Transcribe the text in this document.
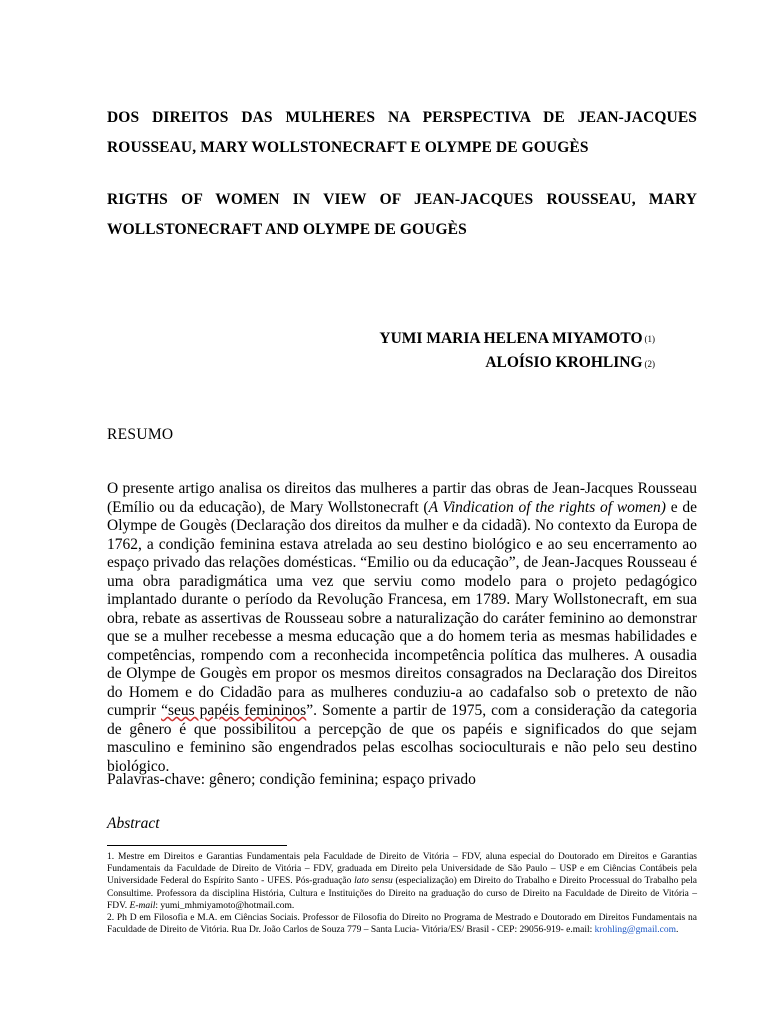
DOS DIREITOS DAS MULHERES NA PERSPECTIVA DE JEAN-JACQUES

ROUSSEAU, MARY WOLLSTONECRAFT E OLYMPE DE GOUGÈS
RIGTHS OF WOMEN IN VIEW OF JEAN-JACQUES ROUSSEAU, MARY

WOLLSTONECRAFT AND OLYMPE DE GOUGÈS
YUMI MARIA HELENA MIYAMOTO (1)
ALOÍSIO KROHLING (2)
RESUMO
O presente artigo analisa os direitos das mulheres a partir das obras de Jean-Jacques Rousseau (Emílio ou da educação), de Mary Wollstonecraft (A Vindication of the rights of women) e de Olympe de Gougès (Declaração dos direitos da mulher e da cidadã). No contexto da Europa de 1762, a condição feminina estava atrelada ao seu destino biológico e ao seu encerramento ao espaço privado das relações domésticas. “Emilio ou da educação”, de Jean-Jacques Rousseau é uma obra paradigmática uma vez que serviu como modelo para o projeto pedagógico implantado durante o período da Revolução Francesa, em 1789. Mary Wollstonecraft, em sua obra, rebate as assertivas de Rousseau sobre a naturalização do caráter feminino ao demonstrar que se a mulher recebesse a mesma educação que a do homem teria as mesmas habilidades e competências, rompendo com a reconhecida incompetência política das mulheres. A ousadia de Olympe de Gougès em propor os mesmos direitos consagrados na Declaração dos Direitos do Homem e do Cidadão para as mulheres conduziu-a ao cadafalso sob o pretexto de não cumprir “seus papéis femininos”. Somente a partir de 1975, com a consideração da categoria de gênero é que possibilitou a percepção de que os papéis e significados do que sejam masculino e feminino são engendrados pelas escolhas socioculturais e não pelo seu destino biológico.
Palavras-chave: gênero; condição feminina; espaço privado
Abstract

1. Mestre em Direitos e Garantias Fundamentais pela Faculdade de Direito de Vitória – FDV, aluna especial do Doutorado em Direitos e Garantias Fundamentais da Faculdade de Direito de Vitória – FDV, graduada em Direito pela Universidade de São Paulo – USP e em Ciências Contábeis pela Universidade Federal do Espírito Santo - UFES. Pós-graduação lato sensu (especialização) em Direito do Trabalho e Direito Processual do Trabalho pela Consultime. Professora da disciplina História, Cultura e Instituições do Direito na graduação do curso de Direito na Faculdade de Direito de Vitória – FDV. E-mail: yumi_mhmiyamoto@hotmail.com.

2. Ph D em Filosofia e M.A. em Ciências Sociais. Professor de Filosofia do Direito no Programa de Mestrado e Doutorado em Direitos Fundamentais na Faculdade de Direito de Vitória. Rua Dr. João Carlos de Souza 779 – Santa Lucia- Vitória/ES/ Brasil - CEP: 29056-919- e.mail: krohling@gmail.com.
